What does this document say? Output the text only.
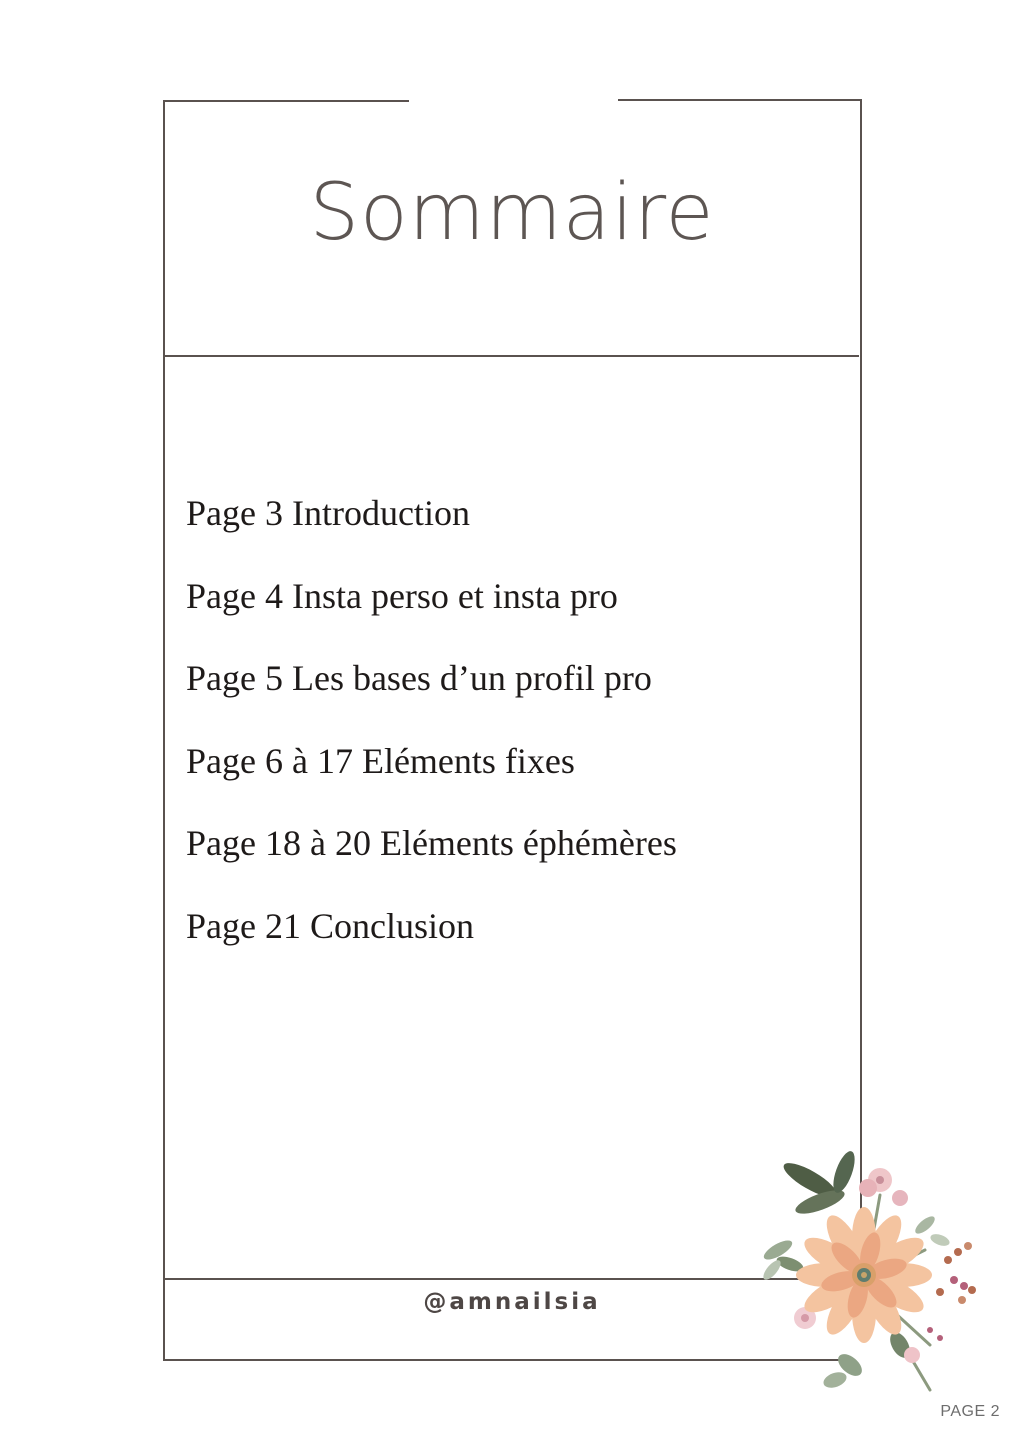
Sommaire
Page 3 Introduction
Page 4 Insta perso et insta pro
Page 5 Les bases d’un profil pro
Page 6 à 17 Eléments fixes
Page 18 à 20 Eléments éphémères
Page 21 Conclusion
@amnailsia
PAGE 2
